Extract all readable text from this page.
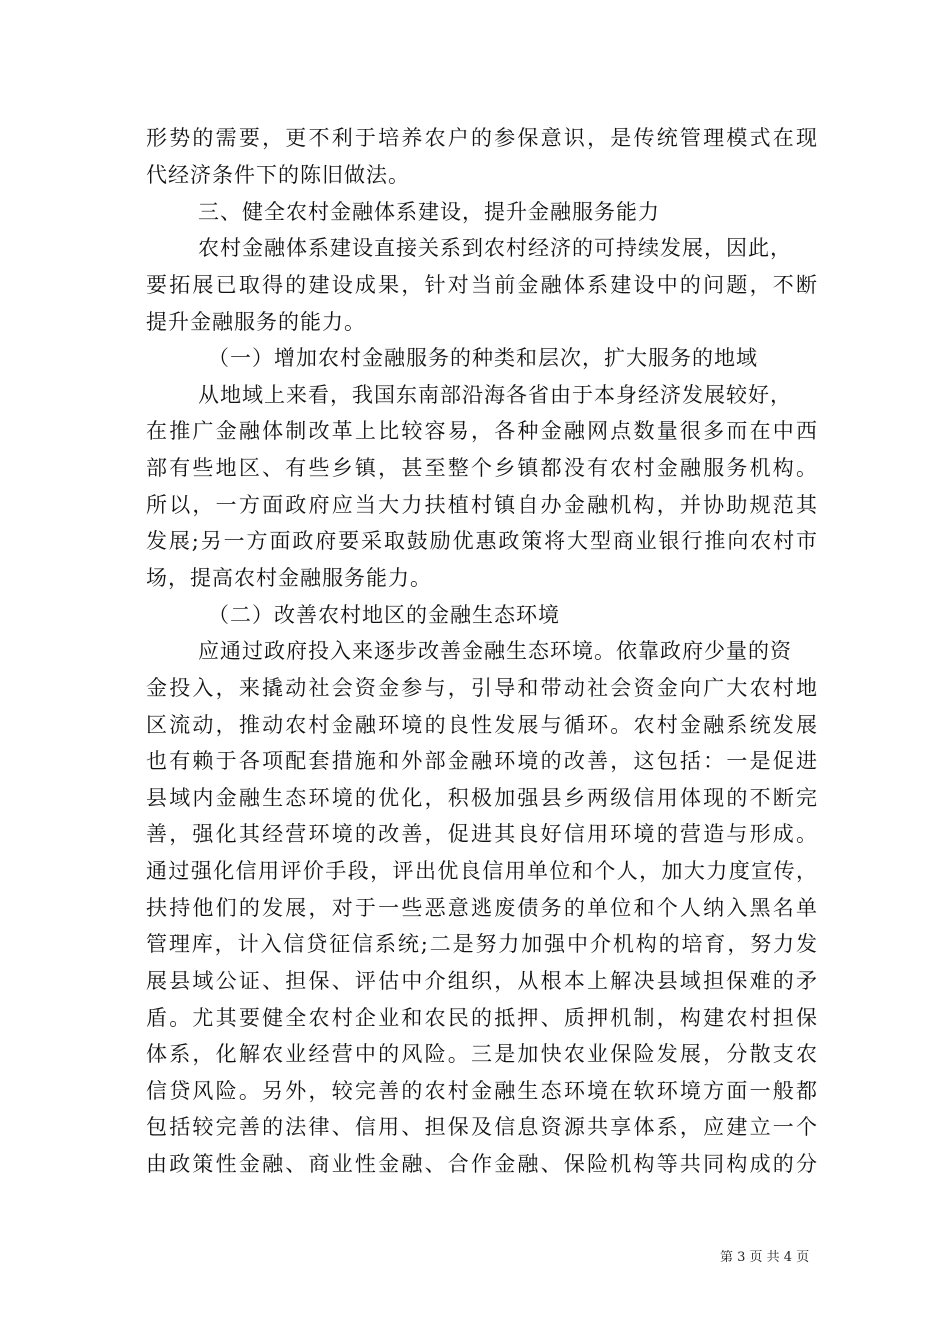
形势的需要，更不利于培养农户的参保意识，是传统管理模式在现
代经济条件下的陈旧做法。
三、健全农村金融体系建设，提升金融服务能力
农村金融体系建设直接关系到农村经济的可持续发展，因此，
要拓展已取得的建设成果，针对当前金融体系建设中的问题，不断
提升金融服务的能力。
（一）增加农村金融服务的种类和层次，扩大服务的地域
从地域上来看，我国东南部沿海各省由于本身经济发展较好，
在推广金融体制改革上比较容易，各种金融网点数量很多而在中西
部有些地区、有些乡镇，甚至整个乡镇都没有农村金融服务机构。
所以，一方面政府应当大力扶植村镇自办金融机构，并协助规范其
发展;另一方面政府要采取鼓励优惠政策将大型商业银行推向农村市
场，提高农村金融服务能力。
（二）改善农村地区的金融生态环境
应通过政府投入来逐步改善金融生态环境。依靠政府少量的资
金投入，来撬动社会资金参与，引导和带动社会资金向广大农村地
区流动，推动农村金融环境的良性发展与循环。农村金融系统发展
也有赖于各项配套措施和外部金融环境的改善，这包括：一是促进
县域内金融生态环境的优化，积极加强县乡两级信用体现的不断完
善，强化其经营环境的改善，促进其良好信用环境的营造与形成。
通过强化信用评价手段，评出优良信用单位和个人，加大力度宣传，
扶持他们的发展，对于一些恶意逃废债务的单位和个人纳入黑名单
管理库，计入信贷征信系统;二是努力加强中介机构的培育，努力发
展县域公证、担保、评估中介组织，从根本上解决县域担保难的矛
盾。尤其要健全农村企业和农民的抵押、质押机制，构建农村担保
体系，化解农业经营中的风险。三是加快农业保险发展，分散支农
信贷风险。另外，较完善的农村金融生态环境在软环境方面一般都
包括较完善的法律、信用、担保及信息资源共享体系，应建立一个
由政策性金融、商业性金融、合作金融、保险机构等共同构成的分
第 3 页 共 4 页
